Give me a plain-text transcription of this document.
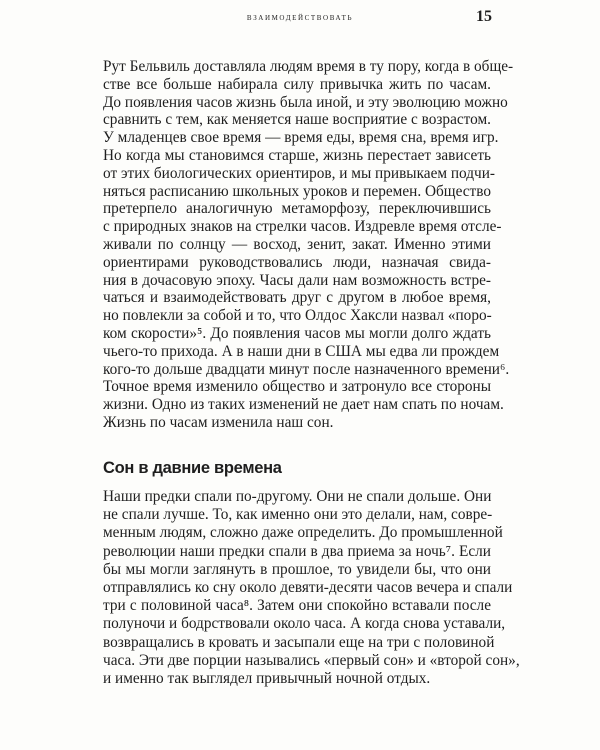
взаимодействовать	15
Рут Бельвиль доставляла людям время в ту пору, когда в обще-
стве все больше набирала силу привычка жить по часам.
До появления часов жизнь была иной, и эту эволюцию можно
сравнить с тем, как меняется наше восприятие с возрастом.
У младенцев свое время — время еды, время сна, время игр.
Но когда мы становимся старше, жизнь перестает зависеть
от этих биологических ориентиров, и мы привыкаем подчи-
няться расписанию школьных уроков и перемен. Общество
претерпело аналогичную метаморфозу, переключившись
с природных знаков на стрелки часов. Издревле время отсле-
живали по солнцу — восход, зенит, закат. Именно этими
ориентирами руководствовались люди, назначая свида-
ния в дочасовую эпоху. Часы дали нам возможность встре-
чаться и взаимодействовать друг с другом в любое время,
но повлекли за собой и то, что Олдос Хаксли назвал «поро-
ком скорости»⁵. До появления часов мы могли долго ждать
чьего-то прихода. А в наши дни в США мы едва ли прождем
кого-то дольше двадцати минут после назначенного времени⁶.
Точное время изменило общество и затронуло все стороны
жизни. Одно из таких изменений не дает нам спать по ночам.
Жизнь по часам изменила наш сон.
Сон в давние времена
Наши предки спали по-другому. Они не спали дольше. Они
не спали лучше. То, как именно они это делали, нам, совре-
менным людям, сложно даже определить. До промышленной
революции наши предки спали в два приема за ночь⁷. Если
бы мы могли заглянуть в прошлое, то увидели бы, что они
отправлялись ко сну около девяти-десяти часов вечера и спали
три с половиной часа⁸. Затем они спокойно вставали после
полуночи и бодрствовали около часа. А когда снова уставали,
возвращались в кровать и засыпали еще на три с половиной
часа. Эти две порции назывались «первый сон» и «второй сон»,
и именно так выглядел привычный ночной отдых.
